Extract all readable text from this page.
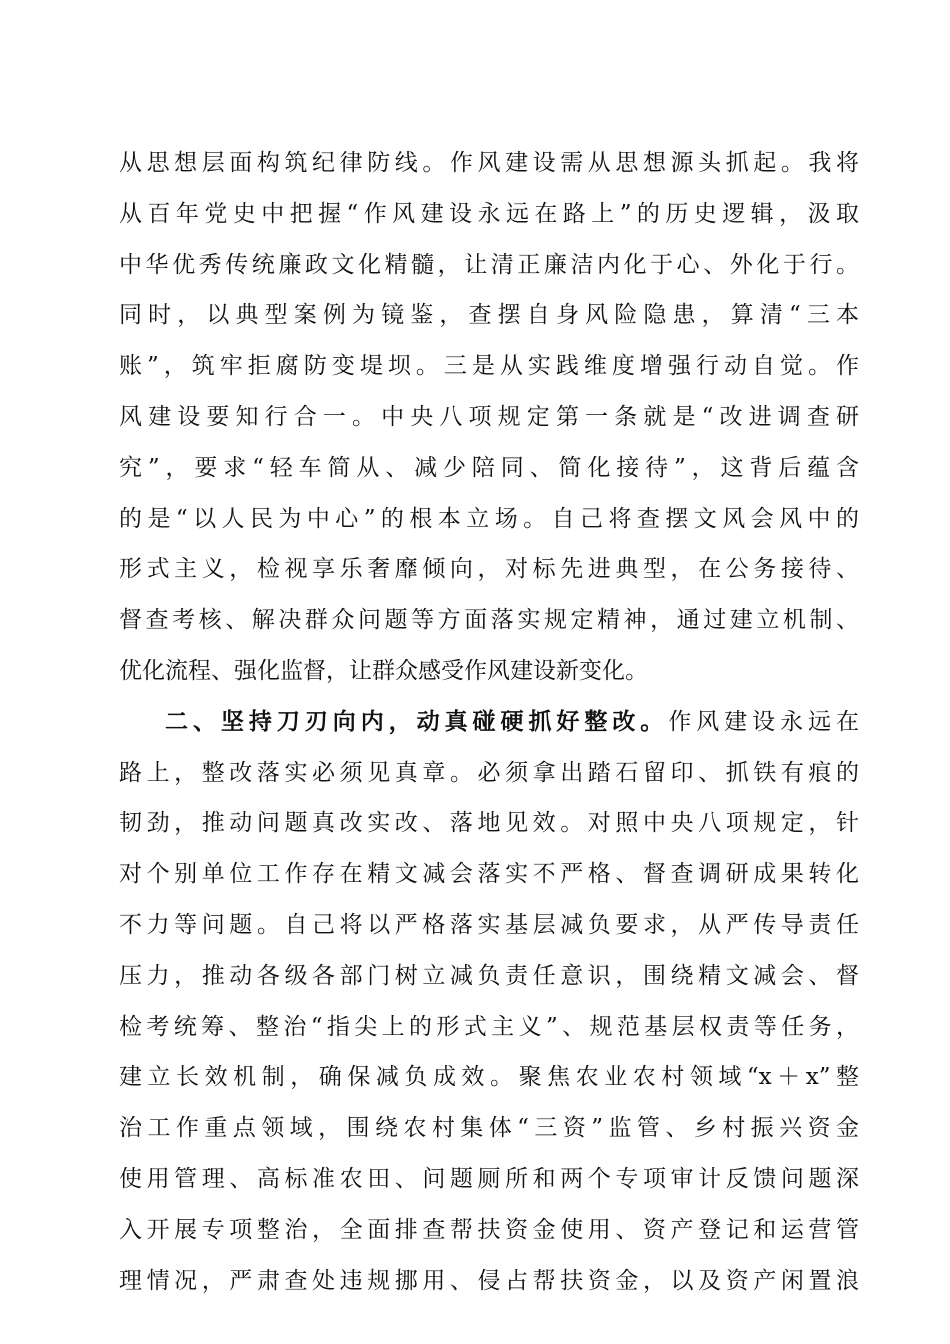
从思想层面构筑纪律防线。作风建设需从思想源头抓起。我将
从百年党史中把握“作风建设永远在路上”的历史逻辑，汲取
中华优秀传统廉政文化精髓，让清正廉洁内化于心、外化于行。
同时，以典型案例为镜鉴，查摆自身风险隐患，算清“三本
账”，筑牢拒腐防变堤坝。三是从实践维度增强行动自觉。作
风建设要知行合一。中央八项规定第一条就是“改进调查研
究”，要求“轻车简从、减少陪同、简化接待”，这背后蕴含
的是“以人民为中心”的根本立场。自己将查摆文风会风中的
形式主义，检视享乐奢靡倾向，对标先进典型，在公务接待、
督查考核、解决群众问题等方面落实规定精神，通过建立机制、
优化流程、强化监督，让群众感受作风建设新变化。
二、坚持刀刃向内，动真碰硬抓好整改。作风建设永远在
路上，整改落实必须见真章。必须拿出踏石留印、抓铁有痕的
韧劲，推动问题真改实改、落地见效。对照中央八项规定，针
对个别单位工作存在精文减会落实不严格、督查调研成果转化
不力等问题。自己将以严格落实基层减负要求，从严传导责任
压力，推动各级各部门树立减负责任意识，围绕精文减会、督
检考统筹、整治“指尖上的形式主义”、规范基层权责等任务，
建立长效机制，确保减负成效。聚焦农业农村领域“x＋x”整
治工作重点领域，围绕农村集体“三资”监管、乡村振兴资金
使用管理、高标准农田、问题厕所和两个专项审计反馈问题深
入开展专项整治，全面排查帮扶资金使用、资产登记和运营管
理情况，严肃查处违规挪用、侵占帮扶资金，以及资产闲置浪
